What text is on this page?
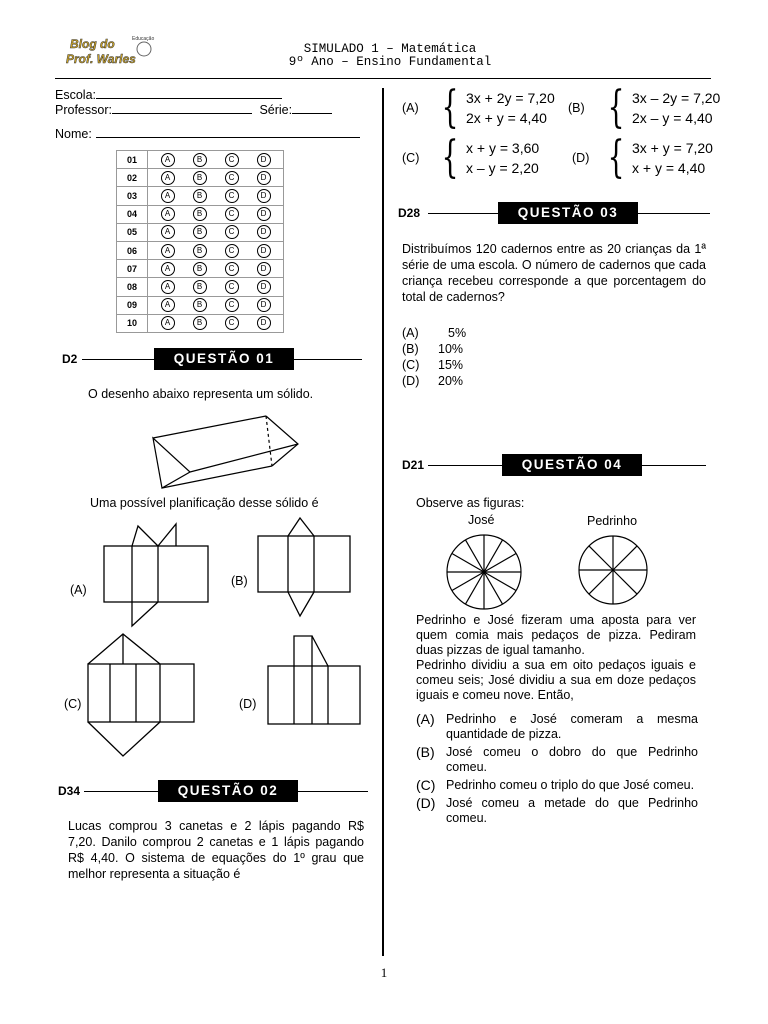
Blog do
Prof. Warles
Educação
SIMULADO 1 – Matemática
9º Ano – Ensino Fundamental
Escola:
Professor:	Série:
Nome:
01	A B C D
02	A B C D
03	A B C D
04	A B C D
05	A B C D
06	A B C D
07	A B C D
08	A B C D
09	A B C D
10	A B C D
D2	QUESTÃO 01
O desenho abaixo representa um sólido.
Uma possível planificação desse sólido é
(A)
(B)
(C)	(D)
D34	QUESTÃO 02
Lucas comprou 3 canetas e 2 lápis pagando R$ 7,20. Danilo comprou 2 canetas e 1 lápis pagando R$ 4,40. O sistema de equações do 1º grau que melhor representa a situação é
(A) { 3x + 2y = 7,20
2x + y = 4,40
(B) { 3x – 2y = 7,20
2x – y = 4,40
(C) { x + y = 3,60
x – y = 2,20
(D) { 3x + y = 7,20
x + y = 4,40
D28	QUESTÃO 03
Distribuímos 120 cadernos entre as 20 crianças da 1ª série de uma escola. O número de cadernos que cada criança recebeu corresponde a que porcentagem do total de cadernos?
(A)	5%
(B)	10%
(C)	15%
(D)	20%
D21	QUESTÃO 04
Observe as figuras:
José	Pedrinho
Pedrinho e José fizeram uma aposta para ver quem comia mais pedaços de pizza. Pediram duas pizzas de igual tamanho.
Pedrinho dividiu a sua em oito pedaços iguais e comeu seis; José dividiu a sua em doze pedaços iguais e comeu nove. Então,
(A) Pedrinho e José comeram a mesma quantidade de pizza.
(B) José comeu o dobro do que Pedrinho comeu.
(C) Pedrinho comeu o triplo do que José comeu.
(D) José comeu a metade do que Pedrinho comeu.
1
